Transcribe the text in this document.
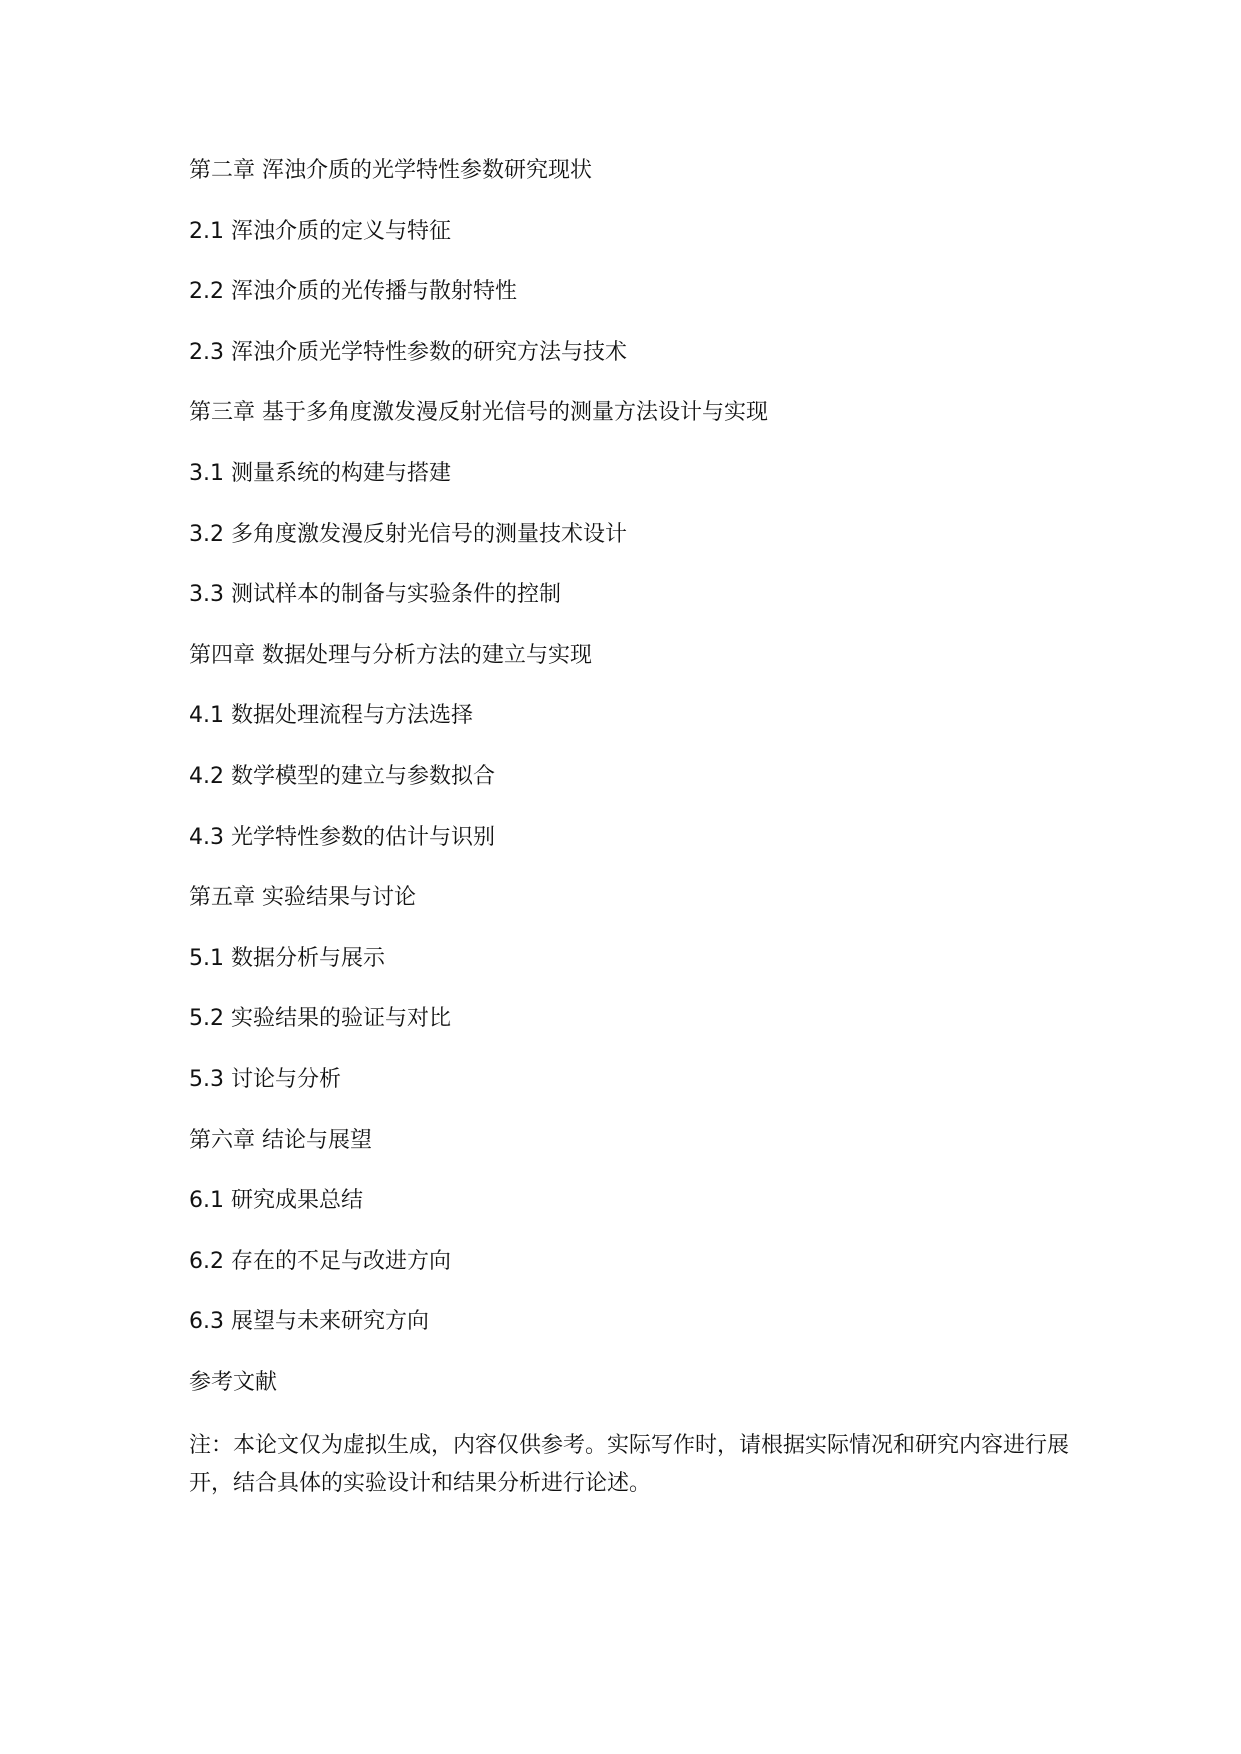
第二章 浑浊介质的光学特性参数研究现状
2.1 浑浊介质的定义与特征
2.2 浑浊介质的光传播与散射特性
2.3 浑浊介质光学特性参数的研究方法与技术
第三章 基于多角度激发漫反射光信号的测量方法设计与实现
3.1 测量系统的构建与搭建
3.2 多角度激发漫反射光信号的测量技术设计
3.3 测试样本的制备与实验条件的控制
第四章 数据处理与分析方法的建立与实现
4.1 数据处理流程与方法选择
4.2 数学模型的建立与参数拟合
4.3 光学特性参数的估计与识别
第五章 实验结果与讨论
5.1 数据分析与展示
5.2 实验结果的验证与对比
5.3 讨论与分析
第六章 结论与展望
6.1 研究成果总结
6.2 存在的不足与改进方向
6.3 展望与未来研究方向
参考文献

注：本论文仅为虚拟生成，内容仅供参考。实际写作时，请根据实际情况和研究内容进行展开，结合具体的实验设计和结果分析进行论述。
